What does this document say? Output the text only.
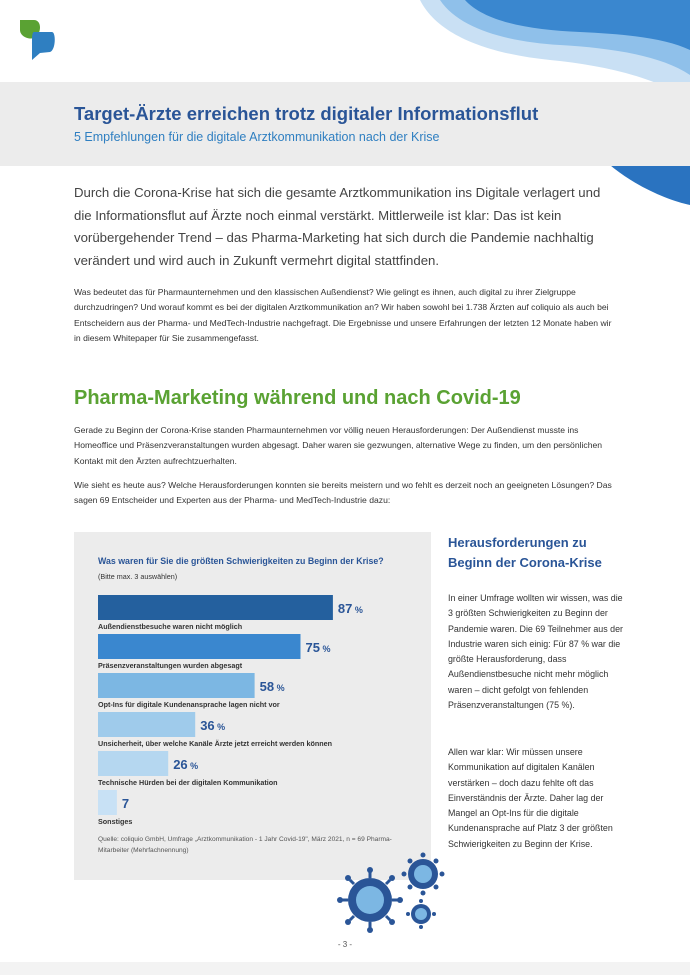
Target-Ärzte erreichen trotz digitaler Informationsflut
5 Empfehlungen für die digitale Arztkommunikation nach der Krise
Durch die Corona-Krise hat sich die gesamte Arztkommunikation ins Digitale verlagert und die Informationsflut auf Ärzte noch einmal verstärkt. Mittlerweile ist klar: Das ist kein vorübergehender Trend – das Pharma-Marketing hat sich durch die Pandemie nachhaltig verändert und wird auch in Zukunft vermehrt digital stattfinden.
Was bedeutet das für Pharmaunternehmen und den klassischen Außendienst? Wie gelingt es ihnen, auch digital zu ihrer Zielgruppe durchzudringen? Und worauf kommt es bei der digitalen Arztkommunikation an? Wir haben sowohl bei 1.738 Ärzten auf coliquio als auch bei Entscheidern aus der Pharma- und MedTech-Industrie nachgefragt. Die Ergebnisse und unsere Erfahrungen der letzten 12 Monate haben wir in diesem Whitepaper für Sie zusammengefasst.
Pharma-Marketing während und nach Covid-19
Gerade zu Beginn der Corona-Krise standen Pharmaunternehmen vor völlig neuen Herausforderungen: Der Außendienst musste ins Homeoffice und Präsenzveranstaltungen wurden abgesagt. Daher waren sie gezwungen, alternative Wege zu finden, um den persönlichen Kontakt mit den Ärzten aufrechtzuerhalten.
Wie sieht es heute aus? Welche Herausforderungen konnten sie bereits meistern und wo fehlt es derzeit noch an geeigneten Lösungen? Das sagen 69 Entscheider und Experten aus der Pharma- und MedTech-Industrie dazu:
Was waren für Sie die größten Schwierigkeiten zu Beginn der Krise?
(Bitte max. 3 auswählen)
87 %
Außendienstbesuche waren nicht möglich
75 %
Präsenzveranstaltungen wurden abgesagt
58 %
Opt-Ins für digitale Kundenansprache lagen nicht vor
36 %
Unsicherheit, über welche Kanäle Ärzte jetzt erreicht werden können
26 %
Technische Hürden bei der digitalen Kommunikation
7
Sonstiges
Quelle: coliquio GmbH, Umfrage „Arztkommunikation - 1 Jahr Covid-19", März 2021, n = 69 Pharma-Mitarbeiter (Mehrfachnennung)
Herausforderungen zu Beginn der Corona-Krise
In einer Umfrage wollten wir wissen, was die 3 größten Schwierigkeiten zu Beginn der Pandemie waren. Die 69 Teilnehmer aus der Industrie waren sich einig: Für 87 % war die größte Herausforderung, dass Außendienstbesuche nicht mehr möglich waren – dicht gefolgt von fehlenden Präsenzveranstaltungen (75 %).
Allen war klar: Wir müssen unsere Kommunikation auf digitalen Kanälen verstärken – doch dazu fehlte oft das Einverständnis der Ärzte. Daher lag der Mangel an Opt-Ins für die digitale Kundenansprache auf Platz 3 der größten Schwierigkeiten zu Beginn der Krise.
- 3 -
